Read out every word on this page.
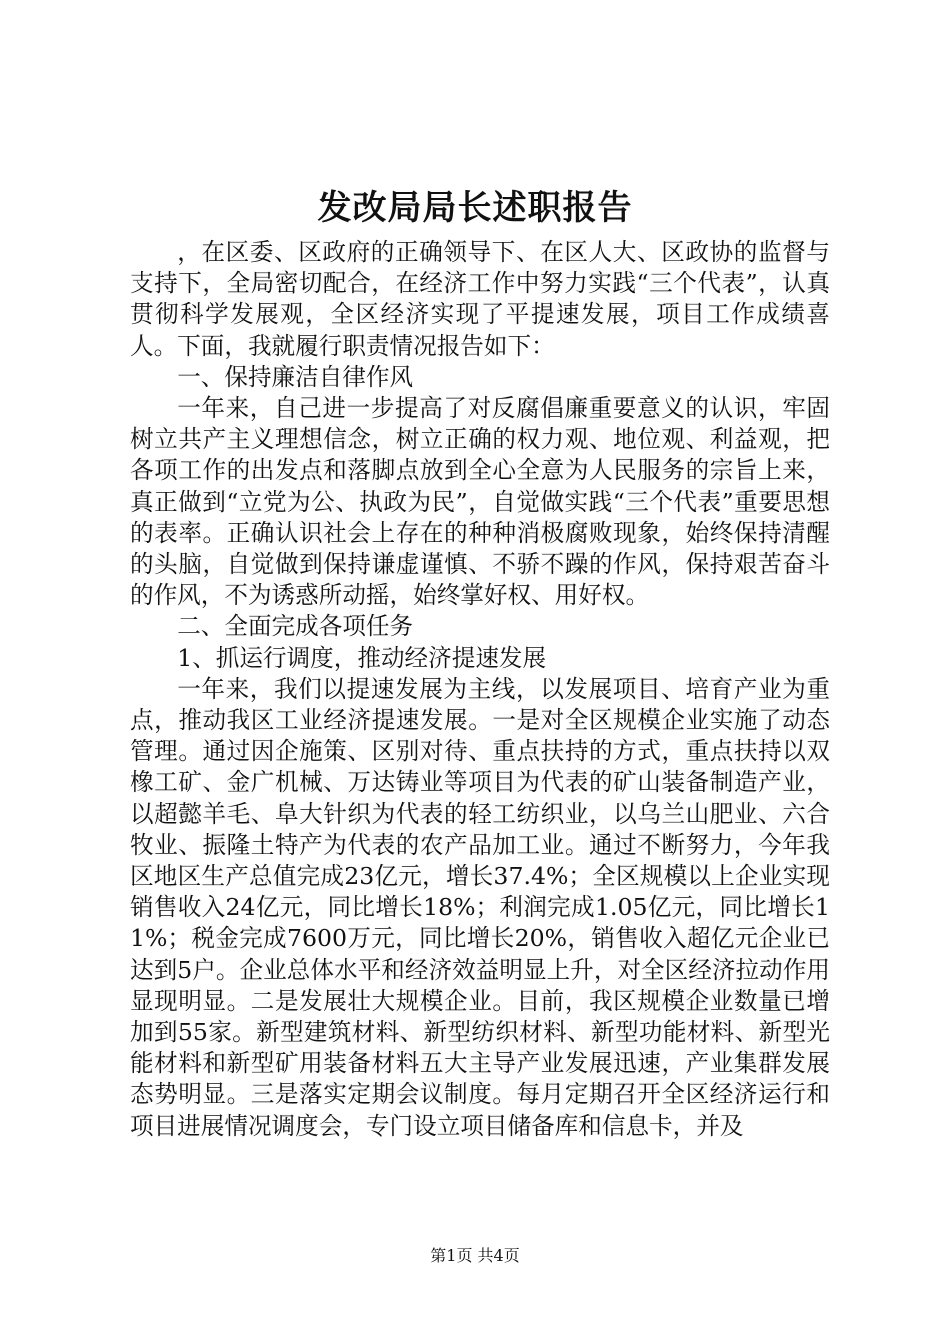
发改局局长述职报告

，在区委、区政府的正确领导下、在区人大、区政协的监督与支持下，全局密切配合，在经济工作中努力实践“三个代表”，认真贯彻科学发展观，全区经济实现了平提速发展，项目工作成绩喜人。下面，我就履行职责情况报告如下：

一、保持廉洁自律作风

一年来，自己进一步提高了对反腐倡廉重要意义的认识，牢固树立共产主义理想信念，树立正确的权力观、地位观、利益观，把各项工作的出发点和落脚点放到全心全意为人民服务的宗旨上来，真正做到“立党为公、执政为民”，自觉做实践“三个代表”重要思想的表率。正确认识社会上存在的种种消极腐败现象，始终保持清醒的头脑，自觉做到保持谦虚谨慎、不骄不躁的作风，保持艰苦奋斗的作风，不为诱惑所动摇，始终掌好权、用好权。

二、全面完成各项任务

1、抓运行调度，推动经济提速发展

一年来，我们以提速发展为主线，以发展项目、培育产业为重点，推动我区工业经济提速发展。一是对全区规模企业实施了动态管理。通过因企施策、区别对待、重点扶持的方式，重点扶持以双橡工矿、金广机械、万达铸业等项目为代表的矿山装备制造产业，以超懿羊毛、阜大针织为代表的轻工纺织业，以乌兰山肥业、六合牧业、振隆土特产为代表的农产品加工业。通过不断努力，今年我区地区生产总值完成23亿元，增长37.4%；全区规模以上企业实现销售收入24亿元，同比增长18%；利润完成1.05亿元，同比增长11%；税金完成7600万元，同比增长20%，销售收入超亿元企业已达到5户。企业总体水平和经济效益明显上升，对全区经济拉动作用显现明显。二是发展壮大规模企业。目前，我区规模企业数量已增加到55家。新型建筑材料、新型纺织材料、新型功能材料、新型光能材料和新型矿用装备材料五大主导产业发展迅速，产业集群发展态势明显。三是落实定期会议制度。每月定期召开全区经济运行和项目进展情况调度会，专门设立项目储备库和信息卡，并及

第1页 共4页
